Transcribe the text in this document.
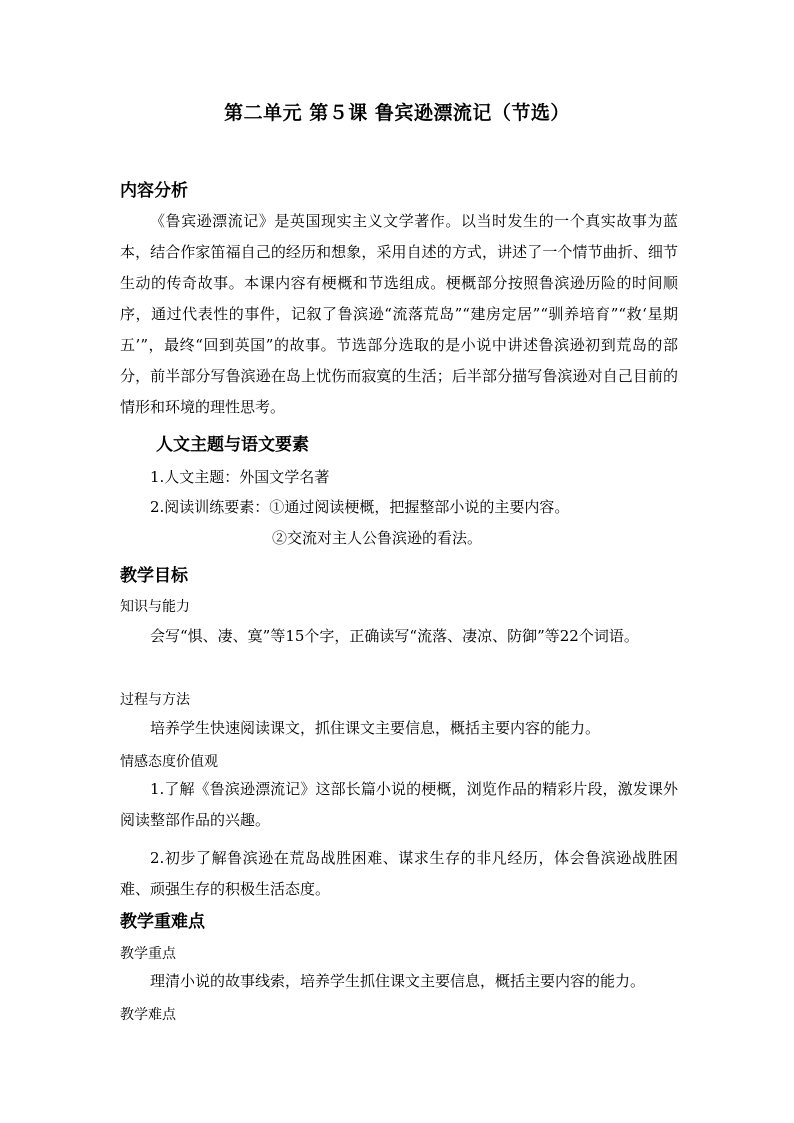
第二单元 第５课 鲁宾逊漂流记（节选）
内容分析
《鲁宾逊漂流记》是英国现实主义文学著作。以当时发生的一个真实故事为蓝本，结合作家笛福自己的经历和想象，采用自述的方式，讲述了一个情节曲折、细节生动的传奇故事。本课内容有梗概和节选组成。梗概部分按照鲁滨逊历险的时间顺序，通过代表性的事件，记叙了鲁滨逊“流落荒岛”“建房定居”“驯养培育”“救‘星期五’”，最终“回到英国”的故事。节选部分选取的是小说中讲述鲁滨逊初到荒岛的部分，前半部分写鲁滨逊在岛上忧伤而寂寞的生活；后半部分描写鲁滨逊对自己目前的情形和环境的理性思考。
人文主题与语文要素
1.人文主题：外国文学名著
2.阅读训练要素：①通过阅读梗概，把握整部小说的主要内容。
②交流对主人公鲁滨逊的看法。
教学目标
知识与能力
会写“惧、凄、寞”等15个字，正确读写“流落、凄凉、防御”等22个词语。
过程与方法
培养学生快速阅读课文，抓住课文主要信息，概括主要内容的能力。
情感态度价值观
1.了解《鲁滨逊漂流记》这部长篇小说的梗概，浏览作品的精彩片段，激发课外阅读整部作品的兴趣。
2.初步了解鲁滨逊在荒岛战胜困难、谋求生存的非凡经历，体会鲁滨逊战胜困难、顽强生存的积极生活态度。
教学重难点
教学重点
理清小说的故事线索，培养学生抓住课文主要信息，概括主要内容的能力。
教学难点
